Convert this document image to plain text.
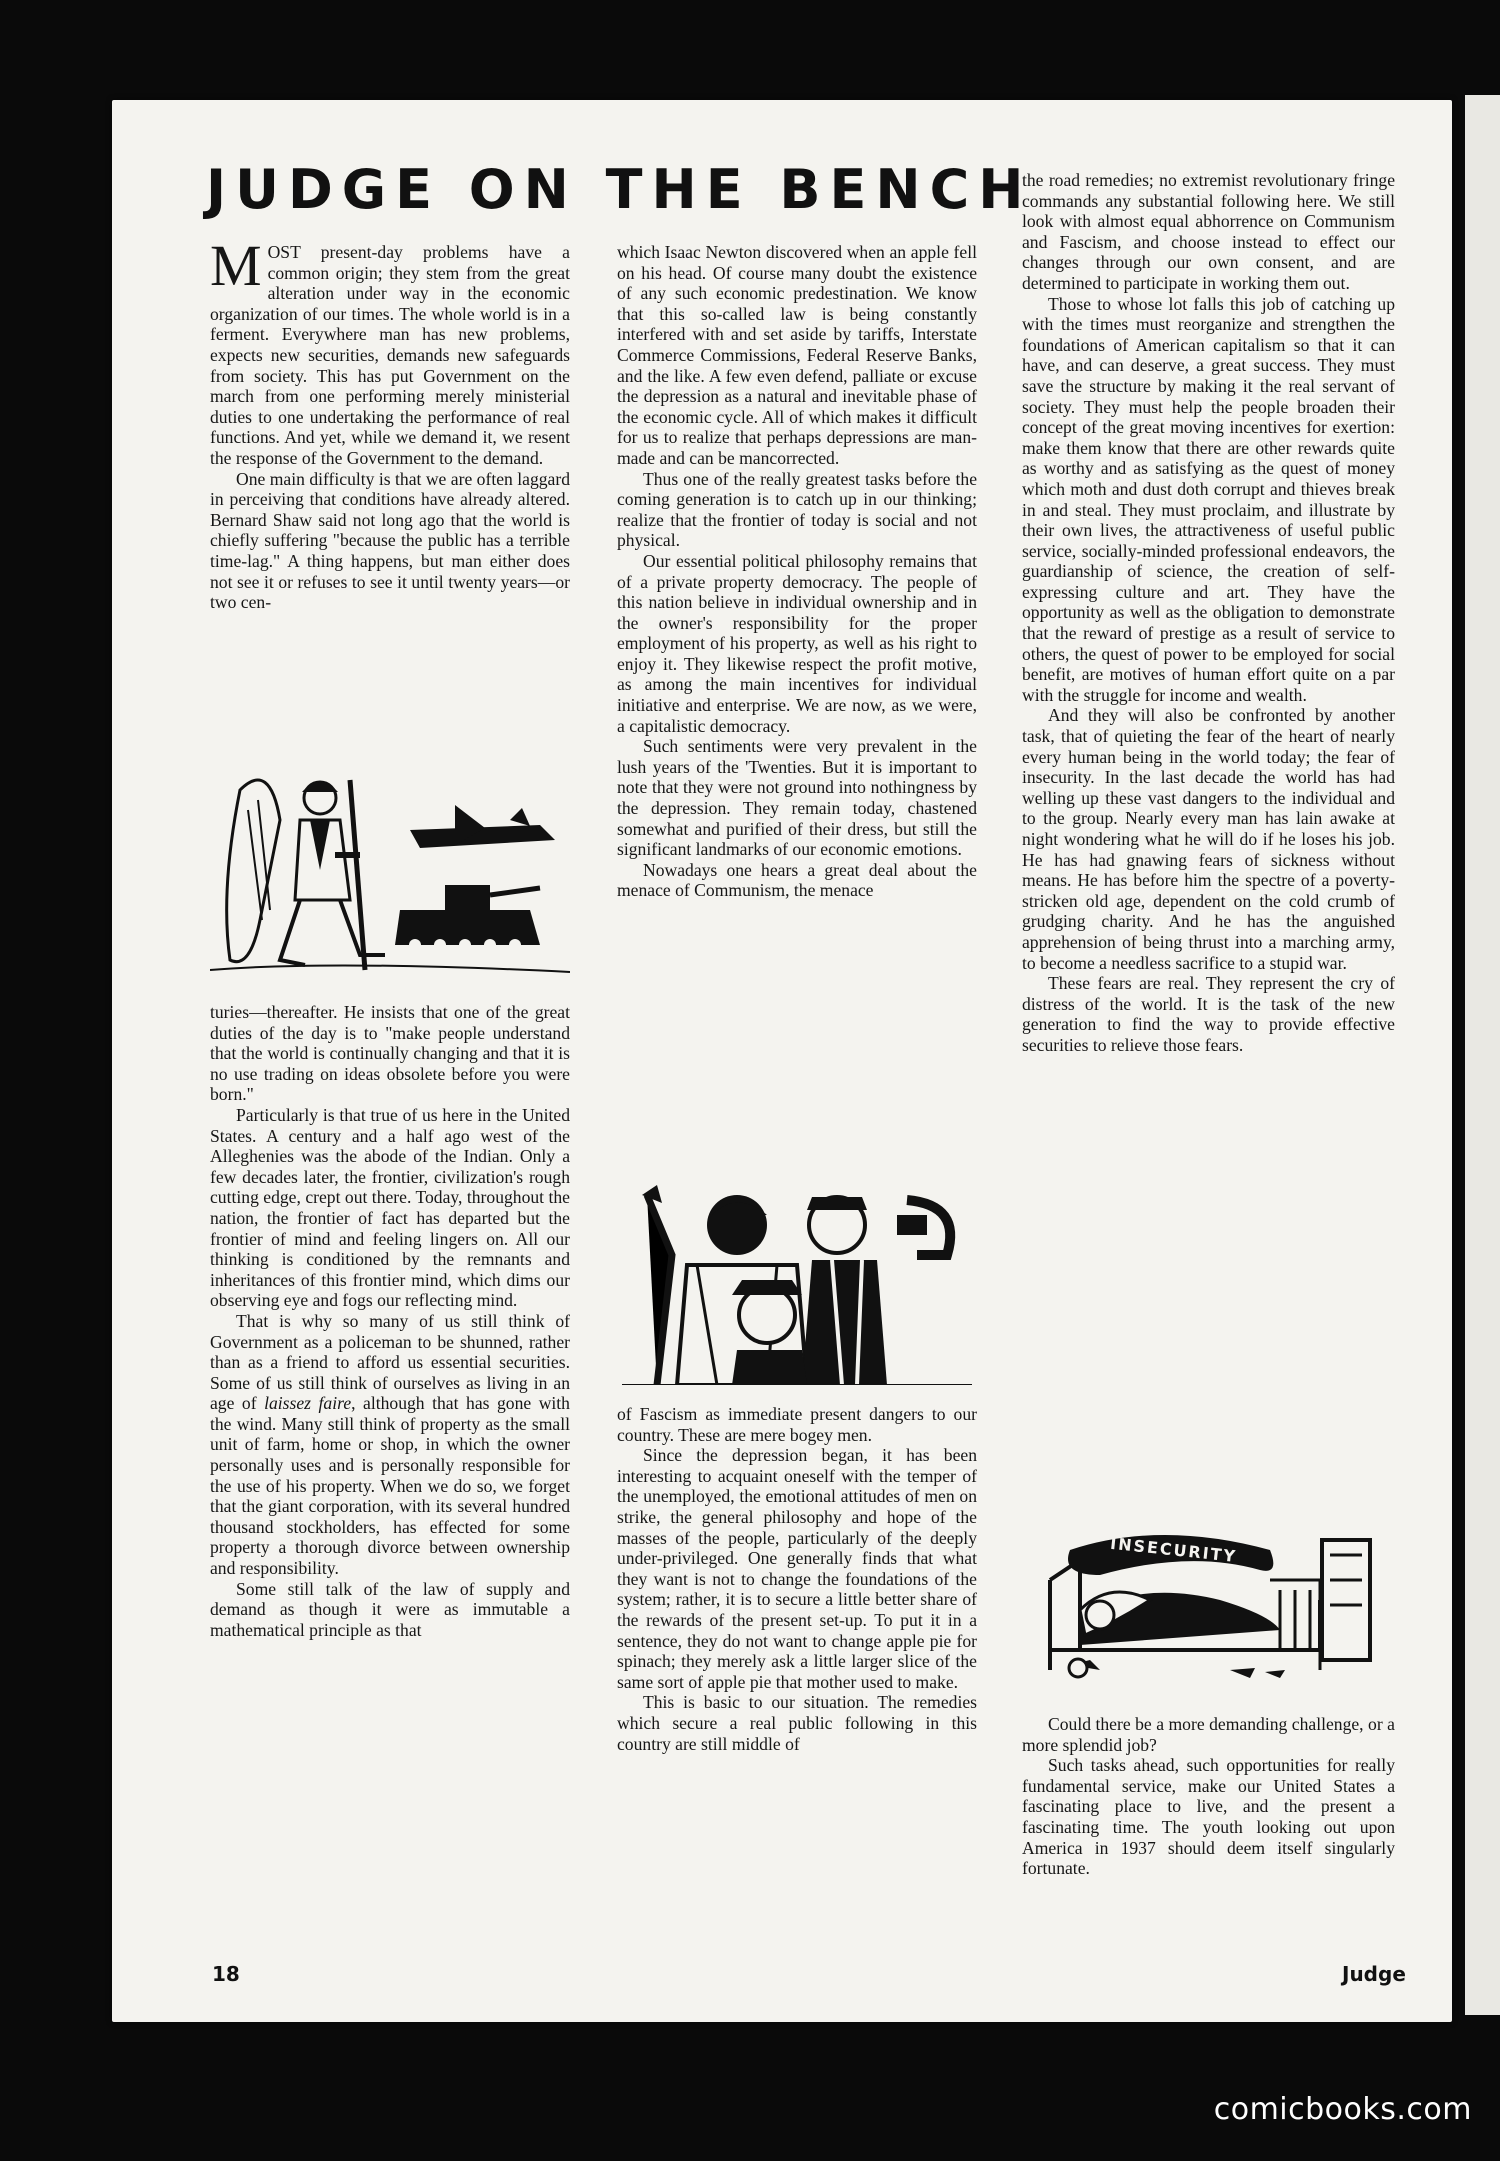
JUDGE ON THE BENCH

MOST present-day problems have a common origin; they stem from the great alteration under way in the economic organization of our times. The whole world is in a ferment. Everywhere man has new problems, expects new securities, demands new safeguards from society. This has put Government on the march from one performing merely ministerial duties to one undertaking the performance of real functions. And yet, while we demand it, we resent the response of the Government to the demand.

One main difficulty is that we are often laggard in perceiving that conditions have already altered. Bernard Shaw said not long ago that the world is chiefly suffering "because the public has a terrible time-lag." A thing happens, but man either does not see it or refuses to see it until twenty years—or two cen-

turies—thereafter. He insists that one of the great duties of the day is to "make people understand that the world is continually changing and that it is no use trading on ideas obsolete before you were born."

Particularly is that true of us here in the United States. A century and a half ago west of the Alleghenies was the abode of the Indian. Only a few decades later, the frontier, civilization's rough cutting edge, crept out there. Today, throughout the nation, the frontier of fact has departed but the frontier of mind and feeling lingers on. All our thinking is conditioned by the remnants and inheritances of this frontier mind, which dims our observing eye and fogs our reflecting mind.

That is why so many of us still think of Government as a policeman to be shunned, rather than as a friend to afford us essential securities. Some of us still think of ourselves as living in an age of laissez faire, although that has gone with the wind. Many still think of property as the small unit of farm, home or shop, in which the owner personally uses and is personally responsible for the use of his property. When we do so, we forget that the giant corporation, with its several hundred thousand stockholders, has effected for some property a thorough divorce between ownership and responsibility.

Some still talk of the law of supply and demand as though it were as immutable a mathematical principle as that

which Isaac Newton discovered when an apple fell on his head. Of course many doubt the existence of any such economic predestination. We know that this so-called law is being constantly interfered with and set aside by tariffs, Interstate Commerce Commissions, Federal Reserve Banks, and the like. A few even defend, palliate or excuse the depression as a natural and inevitable phase of the economic cycle. All of which makes it difficult for us to realize that perhaps depressions are man-made and can be mancorrected.

Thus one of the really greatest tasks before the coming generation is to catch up in our thinking; realize that the frontier of today is social and not physical.

Our essential political philosophy remains that of a private property democracy. The people of this nation believe in individual ownership and in the owner's responsibility for the proper employment of his property, as well as his right to enjoy it. They likewise respect the profit motive, as among the main incentives for individual initiative and enterprise. We are now, as we were, a capitalistic democracy.

Such sentiments were very prevalent in the lush years of the 'Twenties. But it is important to note that they were not ground into nothingness by the depression. They remain today, chastened somewhat and purified of their dress, but still the significant landmarks of our economic emotions.

Nowadays one hears a great deal about the menace of Communism, the menace

of Fascism as immediate present dangers to our country. These are mere bogey men.

Since the depression began, it has been interesting to acquaint oneself with the temper of the unemployed, the emotional attitudes of men on strike, the general philosophy and hope of the masses of the people, particularly of the deeply under-privileged. One generally finds that what they want is not to change the foundations of the system; rather, it is to secure a little better share of the rewards of the present set-up. To put it in a sentence, they do not want to change apple pie for spinach; they merely ask a little larger slice of the same sort of apple pie that mother used to make.

This is basic to our situation. The remedies which secure a real public following in this country are still middle of

the road remedies; no extremist revolutionary fringe commands any substantial following here. We still look with almost equal abhorrence on Communism and Fascism, and choose instead to effect our changes through our own consent, and are determined to participate in working them out.

Those to whose lot falls this job of catching up with the times must reorganize and strengthen the foundations of American capitalism so that it can have, and can deserve, a great success. They must save the structure by making it the real servant of society. They must help the people broaden their concept of the great moving incentives for exertion: make them know that there are other rewards quite as worthy and as satisfying as the quest of money which moth and dust doth corrupt and thieves break in and steal. They must proclaim, and illustrate by their own lives, the attractiveness of useful public service, socially-minded professional endeavors, the guardianship of science, the creation of self-expressing culture and art. They have the opportunity as well as the obligation to demonstrate that the reward of prestige as a result of service to others, the quest of power to be employed for social benefit, are motives of human effort quite on a par with the struggle for income and wealth.

And they will also be confronted by another task, that of quieting the fear of the heart of nearly every human being in the world today; the fear of insecurity. In the last decade the world has had welling up these vast dangers to the individual and to the group. Nearly every man has lain awake at night wondering what he will do if he loses his job. He has had gnawing fears of sickness without means. He has before him the spectre of a poverty-stricken old age, dependent on the cold crumb of grudging charity. And he has the anguished apprehension of being thrust into a marching army, to become a needless sacrifice to a stupid war.

These fears are real. They represent the cry of distress of the world. It is the task of the new generation to find the way to provide effective securities to relieve those fears.

INSECURITY

Could there be a more demanding challenge, or a more splendid job?

Such tasks ahead, such opportunities for really fundamental service, make our United States a fascinating place to live, and the present a fascinating time. The youth looking out upon America in 1937 should deem itself singularly fortunate.

18	Judge
comicbooks.com
